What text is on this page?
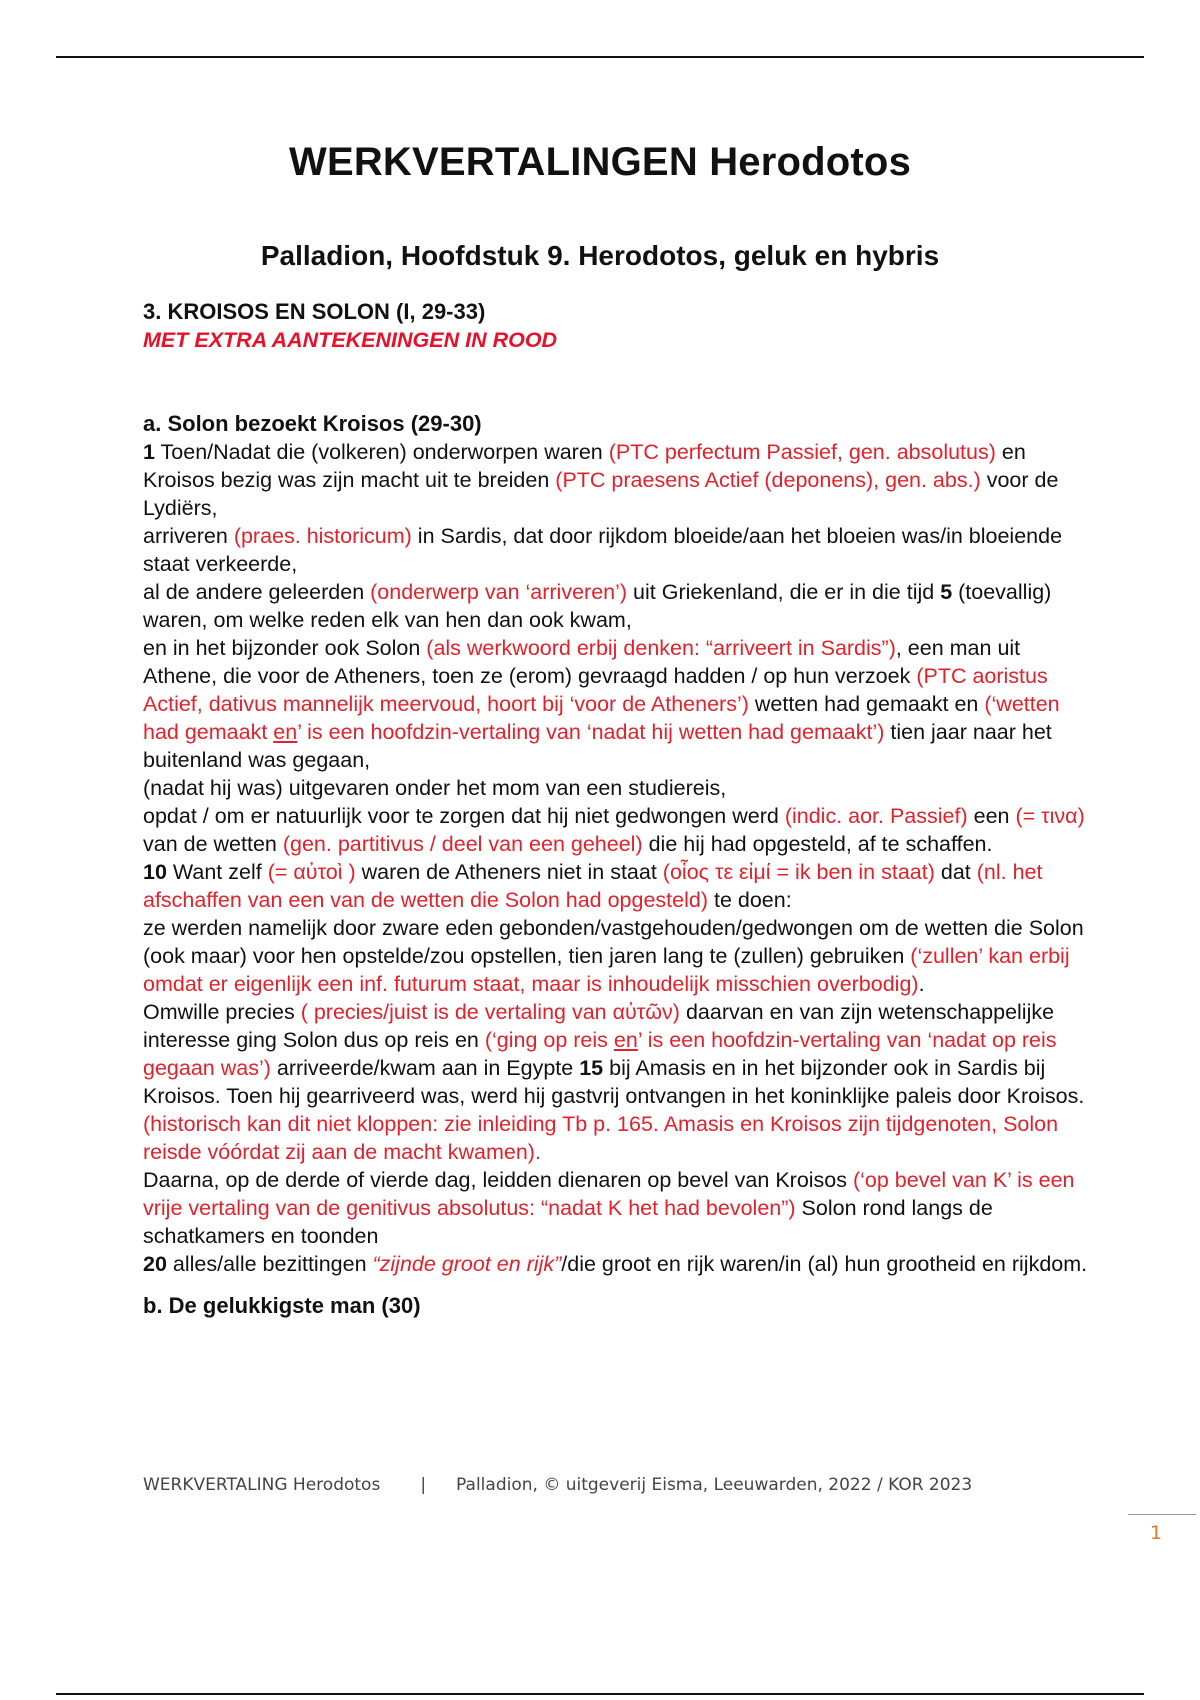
WERKVERTALINGEN Herodotos
Palladion, Hoofdstuk 9. Herodotos, geluk en hybris
3. KROISOS EN SOLON (I, 29-33)
MET EXTRA AANTEKENINGEN IN ROOD
a. Solon bezoekt Kroisos (29-30)

1 Toen/Nadat die (volkeren) onderworpen waren (PTC perfectum Passief, gen. absolutus) en Kroisos bezig was zijn macht uit te breiden (PTC praesens Actief (deponens), gen. abs.) voor de Lydiërs,

arriveren (praes. historicum) in Sardis, dat door rijkdom bloeide/aan het bloeien was/in bloeiende staat verkeerde,

al de andere geleerden (onderwerp van ‘arriveren’) uit Griekenland, die er in die tijd 5 (toevallig) waren, om welke reden elk van hen dan ook kwam,

en in het bijzonder ook Solon (als werkwoord erbij denken: “arriveert in Sardis”), een man uit Athene, die voor de Atheners, toen ze (erom) gevraagd hadden / op hun verzoek (PTC aoristus Actief, dativus mannelijk meervoud, hoort bij ‘voor de Atheners’) wetten had gemaakt en (‘wetten had gemaakt en’ is een hoofdzin-vertaling van ‘nadat hij wetten had gemaakt’) tien jaar naar het buitenland was gegaan,

(nadat hij was) uitgevaren onder het mom van een studiereis,

opdat / om er natuurlijk voor te zorgen dat hij niet gedwongen werd (indic. aor. Passief) een (= τινα) van de wetten (gen. partitivus / deel van een geheel) die hij had opgesteld, af te schaffen.

10 Want zelf (= αὐτοὶ ) waren de Atheners niet in staat (οἷος τε εἰμί = ik ben in staat) dat (nl. het afschaffen van een van de wetten die Solon had opgesteld) te doen:

ze werden namelijk door zware eden gebonden/vastgehouden/gedwongen om de wetten die Solon (ook maar) voor hen opstelde/zou opstellen, tien jaren lang te (zullen) gebruiken (‘zullen’ kan erbij omdat er eigenlijk een inf. futurum staat, maar is inhoudelijk misschien overbodig).

Omwille precies ( precies/juist is de vertaling van αὐτῶν) daarvan en van zijn wetenschappelijke interesse ging Solon dus op reis en (‘ging op reis en’ is een hoofdzin-vertaling van ‘nadat op reis gegaan was’) arriveerde/kwam aan in Egypte 15 bij Amasis en in het bijzonder ook in Sardis bij Kroisos. Toen hij gearriveerd was, werd hij gastvrij ontvangen in het koninklijke paleis door Kroisos. (historisch kan dit niet kloppen: zie inleiding Tb p. 165. Amasis en Kroisos zijn tijdgenoten, Solon reisde vóórdat zij aan de macht kwamen).

Daarna, op de derde of vierde dag, leidden dienaren op bevel van Kroisos (‘op bevel van K’ is een vrije vertaling van de genitivus absolutus: “nadat K het had bevolen”) Solon rond langs de schatkamers en toonden

20 alles/alle bezittingen “zijnde groot en rijk”/die groot en rijk waren/in (al) hun grootheid en rijkdom.

b. De gelukkigste man (30)
WERKVERTALING Herodotos | Palladion, © uitgeverij Eisma, Leeuwarden, 2022 / KOR 2023
1
